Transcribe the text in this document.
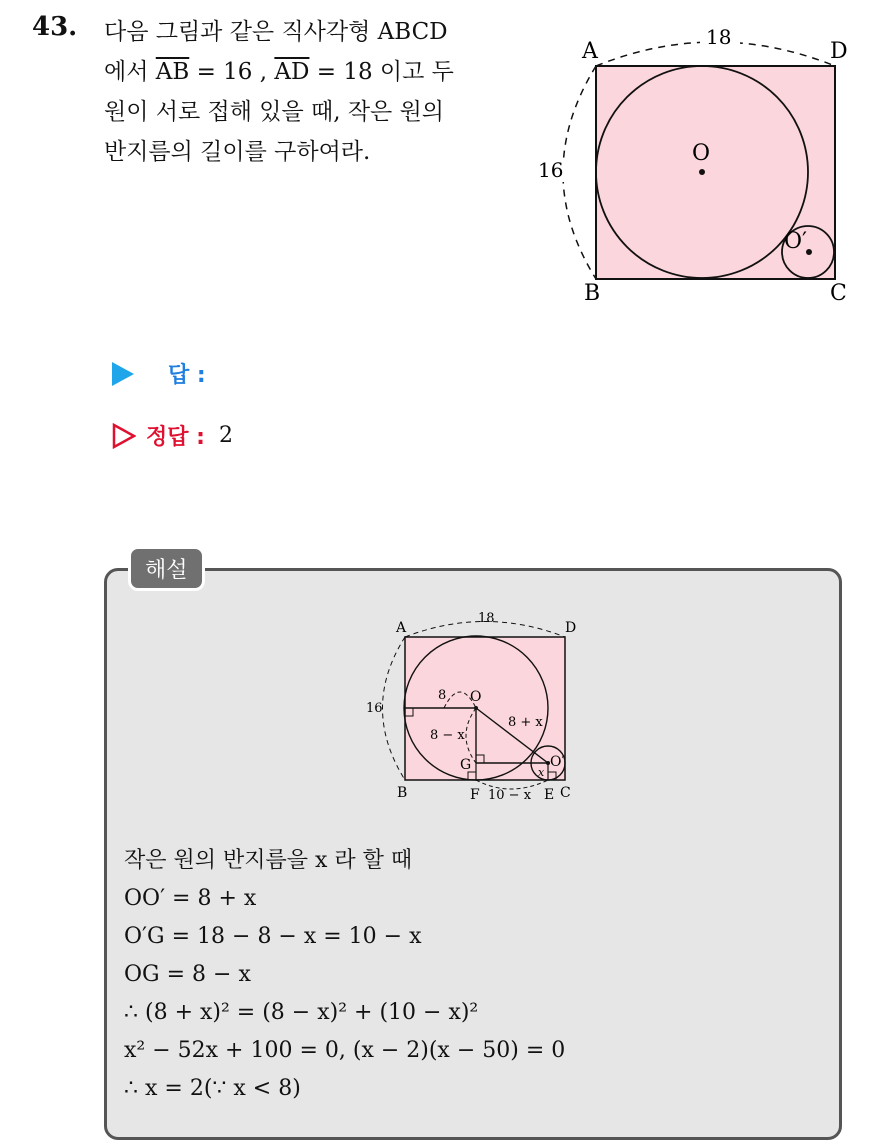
43. 다음 그림과 같은 직사각형 ABCD
에서 $\overline{AB} = 16$ , $\overline{AD} = 18$ 이고 두
원이 서로 접해 있을 때, 작은 원의
반지름의 길이를 구하여라.
A	D
B	C
O
O′
18
16
답 :
정답 : 2
해설
A	D
B	C
O
O′
G
F	E
18
16
8
8 + x
8 − x
10 − x
x
작은 원의 반지름을 x 라 할 때
OO′ = 8 + x
O′G = 18 − 8 − x = 10 − x
OG = 8 − x
∴ (8 + x)² = (8 − x)² + (10 − x)²
x² − 52x + 100 = 0, (x − 2)(x − 50) = 0
∴ x = 2(∵ x < 8)
